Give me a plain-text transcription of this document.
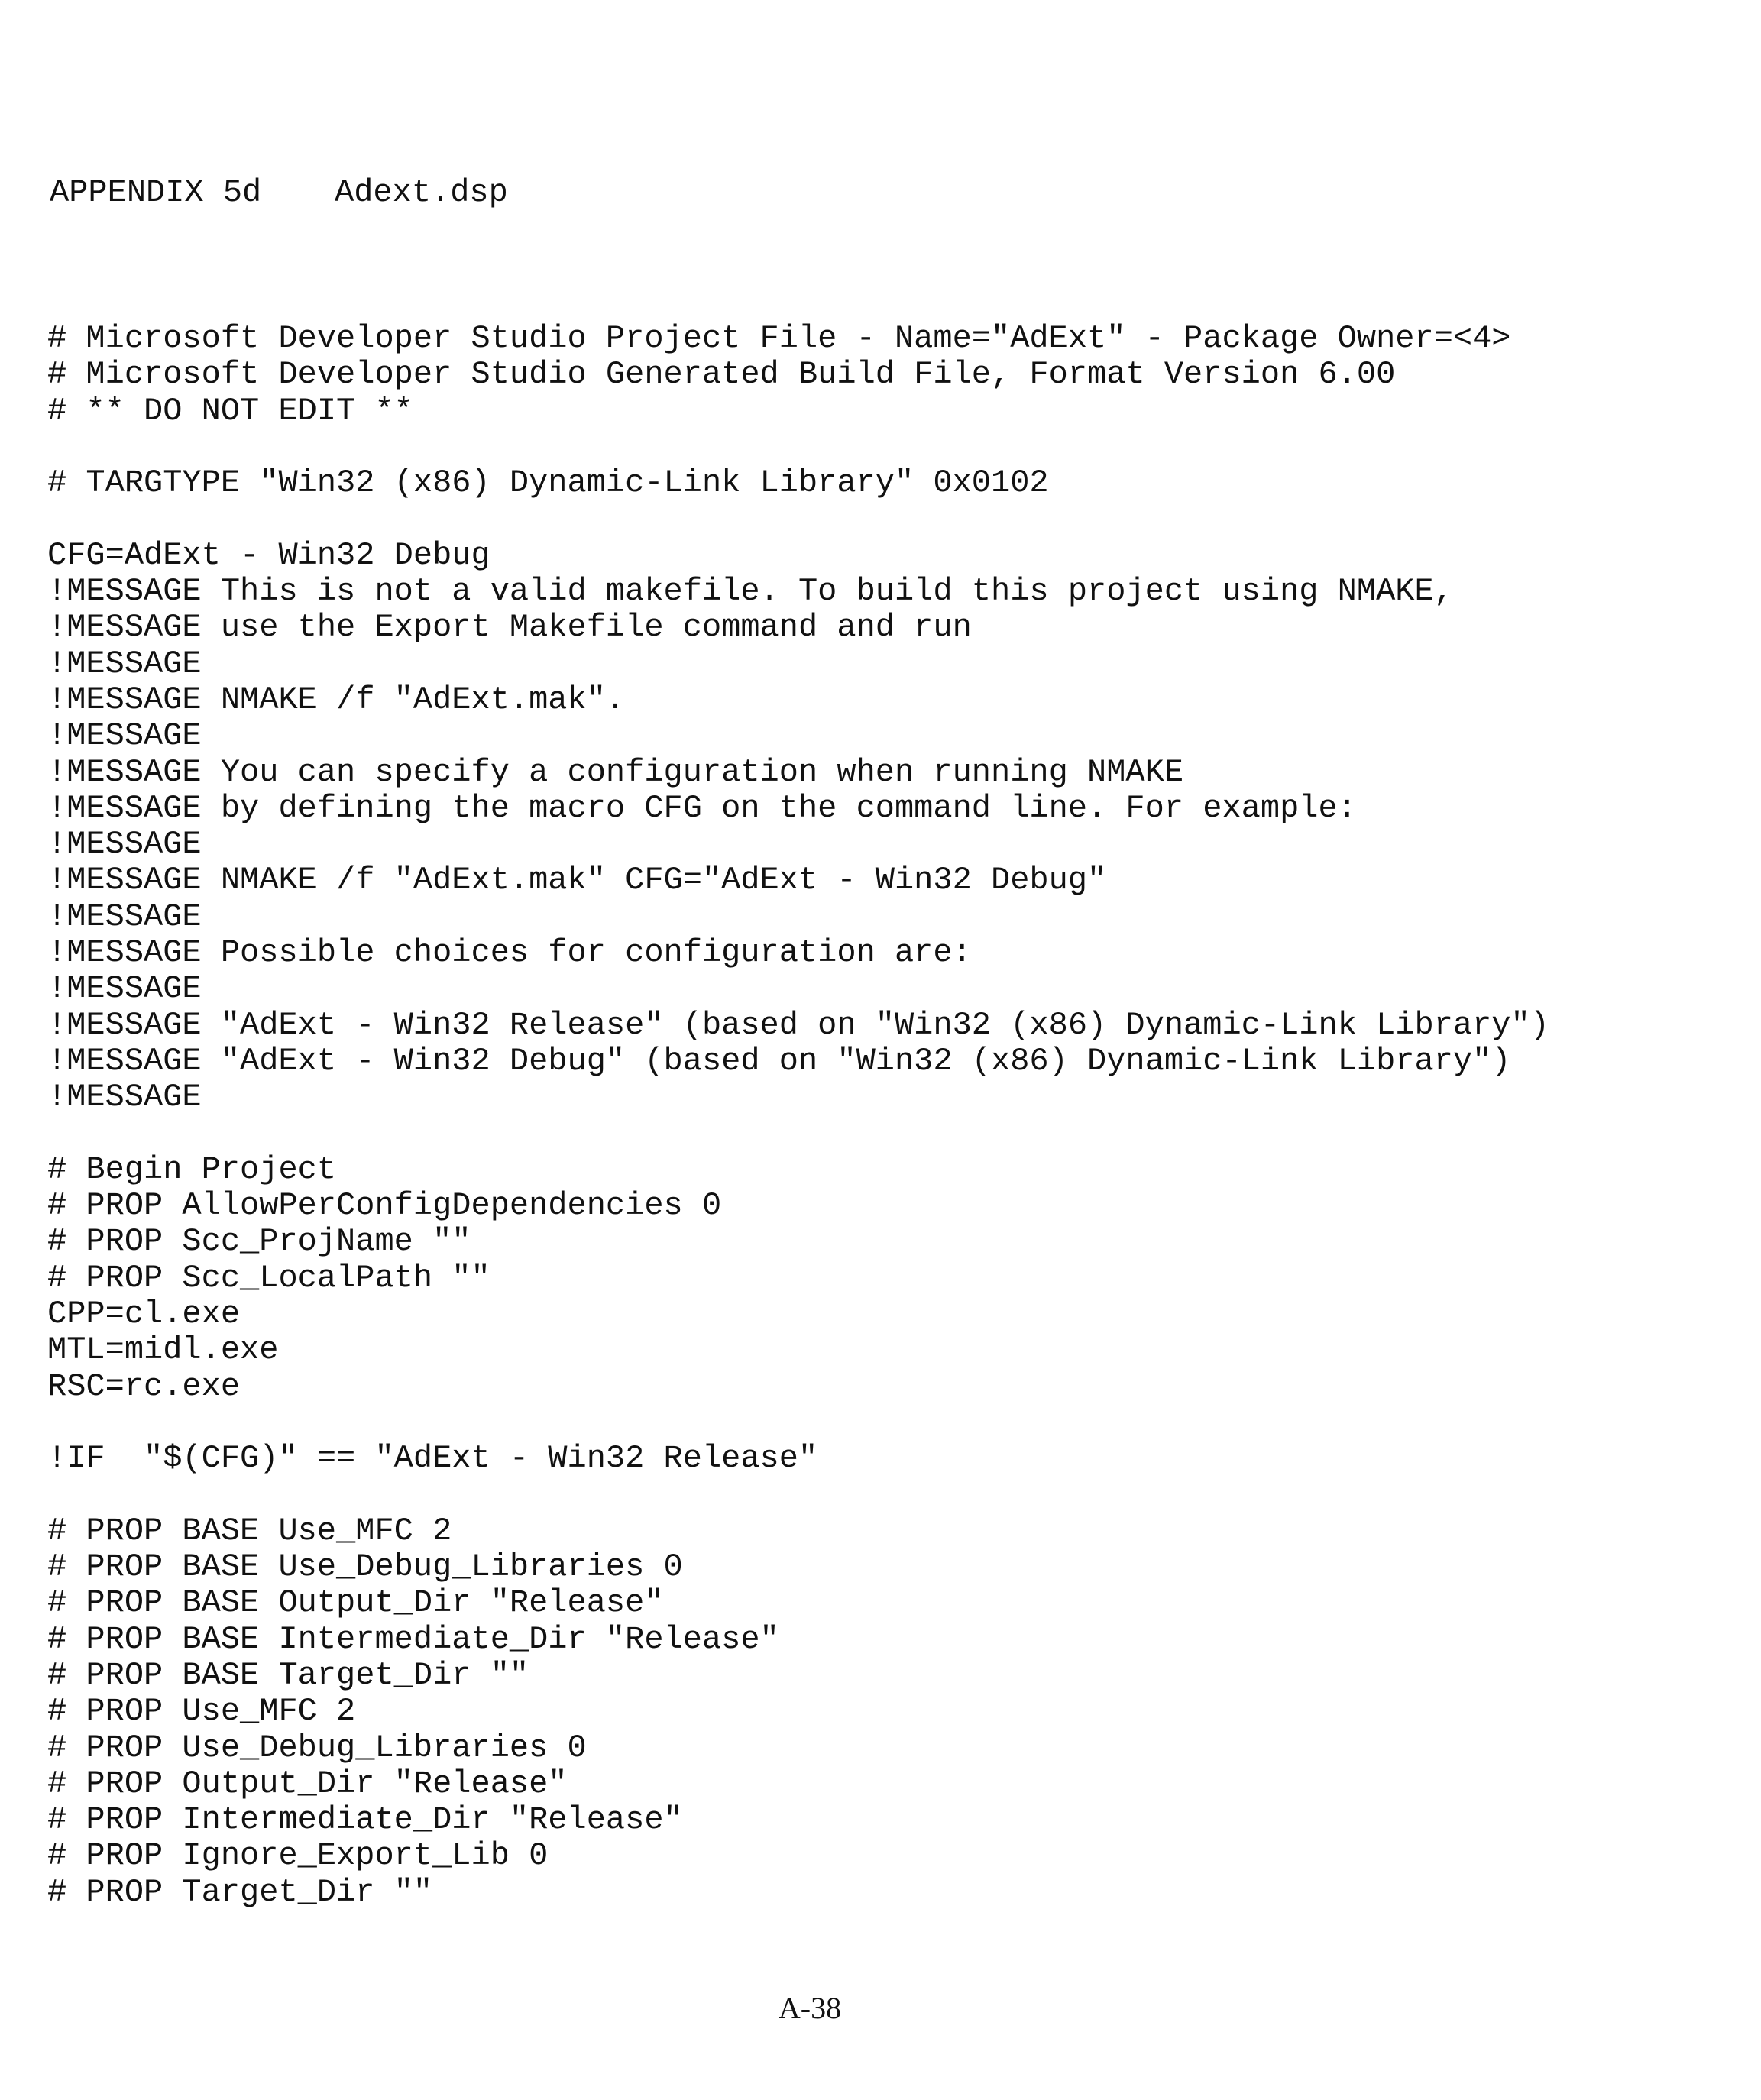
APPENDIX 5d Adext.dsp
# Microsoft Developer Studio Project File - Name="AdExt" - Package Owner=<4>
# Microsoft Developer Studio Generated Build File, Format Version 6.00
# ** DO NOT EDIT **
# TARGTYPE "Win32 (x86) Dynamic-Link Library" 0x0102
CFG=AdExt - Win32 Debug
!MESSAGE This is not a valid makefile. To build this project using NMAKE,
!MESSAGE use the Export Makefile command and run
!MESSAGE
!MESSAGE NMAKE /f "AdExt.mak".
!MESSAGE
!MESSAGE You can specify a configuration when running NMAKE
!MESSAGE by defining the macro CFG on the command line. For example:
!MESSAGE
!MESSAGE NMAKE /f "AdExt.mak" CFG="AdExt - Win32 Debug"
!MESSAGE
!MESSAGE Possible choices for configuration are:
!MESSAGE
!MESSAGE "AdExt - Win32 Release" (based on "Win32 (x86) Dynamic-Link Library")
!MESSAGE "AdExt - Win32 Debug" (based on "Win32 (x86) Dynamic-Link Library")
!MESSAGE
# Begin Project
# PROP AllowPerConfigDependencies 0
# PROP Scc_ProjName ""
# PROP Scc_LocalPath ""
CPP=cl.exe
MTL=midl.exe
RSC=rc.exe
!IF  "$(CFG)" == "AdExt - Win32 Release"
# PROP BASE Use_MFC 2
# PROP BASE Use_Debug_Libraries 0
# PROP BASE Output_Dir "Release"
# PROP BASE Intermediate_Dir "Release"
# PROP BASE Target_Dir ""
# PROP Use_MFC 2
# PROP Use_Debug_Libraries 0
# PROP Output_Dir "Release"
# PROP Intermediate_Dir "Release"
# PROP Ignore_Export_Lib 0
# PROP Target_Dir ""
A-38
